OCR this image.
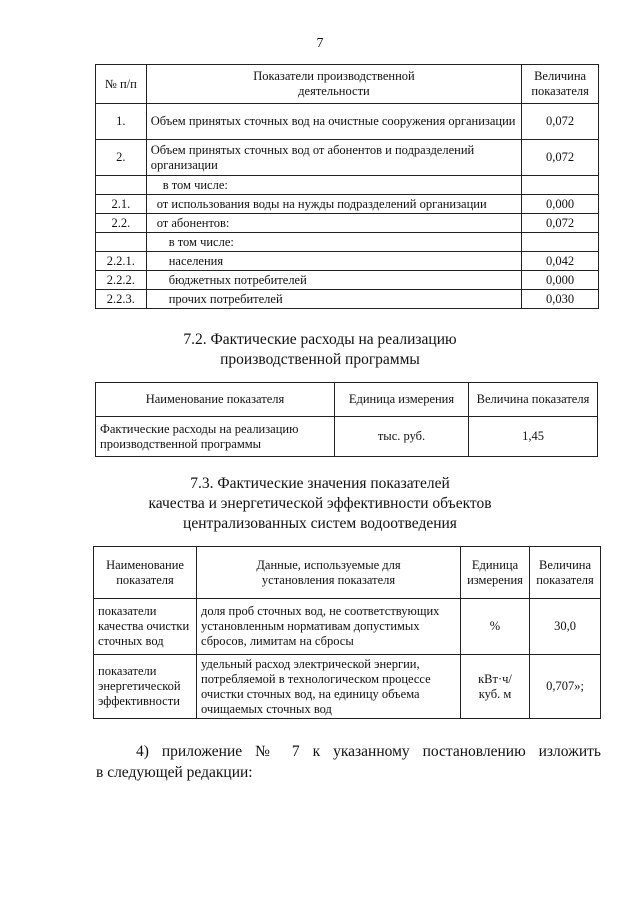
7
№ п/п	Показатели производственной деятельности	Величина показателя
1.	Объем принятых сточных вод на очистные сооружения организации	0,072
2.	Объем принятых сточных вод от абонентов и подразделений организации	0,072
	в том числе:	
2.1.	от использования воды на нужды подразделений организации	0,000
2.2.	от абонентов:	0,072
	в том числе:	
2.2.1.	населения	0,042
2.2.2.	бюджетных потребителей	0,000
2.2.3.	прочих потребителей	0,030
7.2. Фактические расходы на реализацию
производственной программы
Наименование показателя	Единица измерения	Величина показателя
Фактические расходы на реализацию производственной программы	тыс. руб.	1,45
7.3. Фактические значения показателей
качества и энергетической эффективности объектов
централизованных систем водоотведения
Наименование показателя	Данные, используемые для установления показателя	Единица измерения	Величина показателя
показатели качества очистки сточных вод	доля проб сточных вод, не соответствующих установленным нормативам допустимых сбросов, лимитам на сбросы	%	30,0
показатели энергетической эффективности	удельный расход электрической энергии, потребляемой в технологическом процессе очистки сточных вод, на единицу объема очищаемых сточных вод	кВт·ч/ куб. м	0,707»;
4) приложение № 7 к указанному постановлению изложить
в следующей редакции:
